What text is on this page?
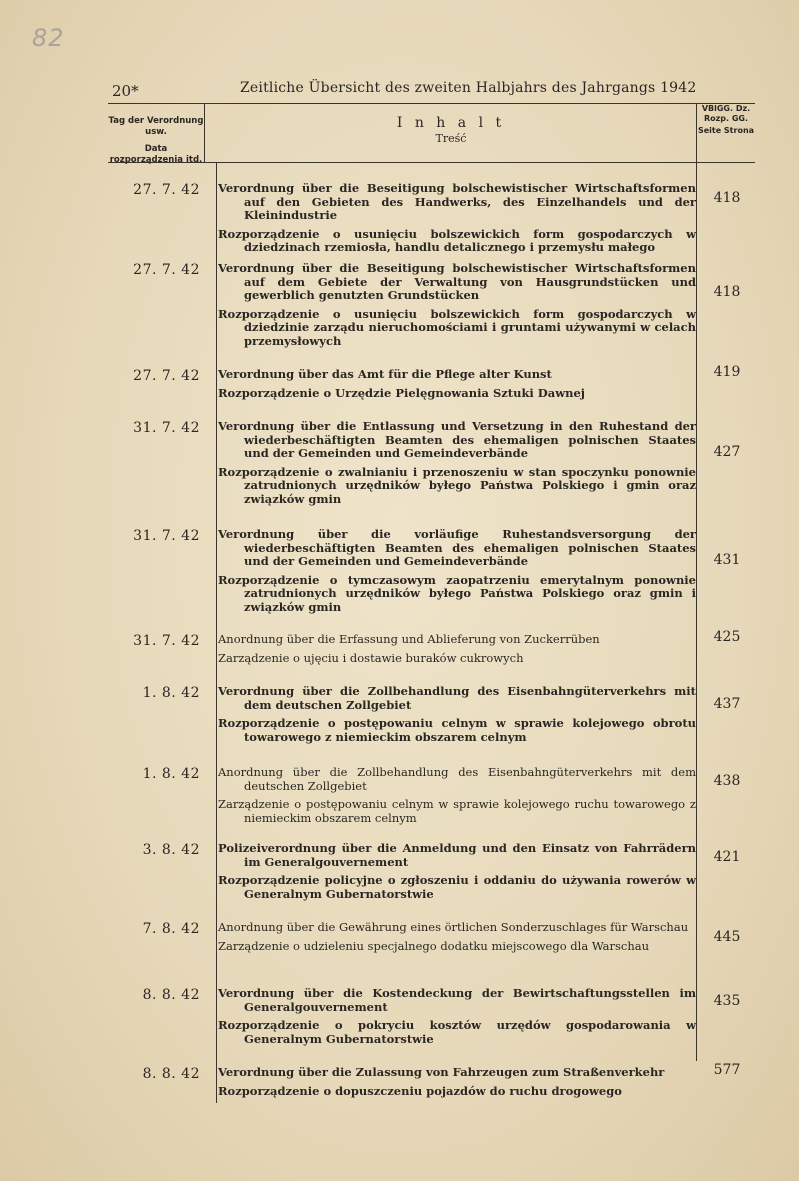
82
20*	Zeitliche Übersicht des zweiten Halbjahrs des Jahrgangs 1942
Tag der Verordnung usw.
Data rozporządzenia itd.
I n h a l t
Treść
VBlGG. Dz. Rozp. GG.
Seite Strona
27. 7. 42 Verordnung über die Beseitigung bolschewistischer Wirtschaftsformen auf den Gebieten des Handwerks, des Einzelhandels und der Kleinindustrie
Rozporządzenie o usunięciu bolszewickich form gospodarczych w dziedzinach rzemiosła, handlu detalicznego i przemysłu małego
418
27. 7. 42 Verordnung über die Beseitigung bolschewistischer Wirtschaftsformen auf dem Gebiete der Verwaltung von Hausgrundstücken und gewerblich genutzten Grundstücken
Rozporządzenie o usunięciu bolszewickich form gospodarczych w dziedzinie zarządu nieruchomościami i gruntami używanymi w celach przemysłowych
418
27. 7. 42 Verordnung über das Amt für die Pflege alter Kunst
Rozporządzenie o Urzędzie Pielęgnowania Sztuki Dawnej
419
31. 7. 42 Verordnung über die Entlassung und Versetzung in den Ruhestand der wiederbeschäftigten Beamten des ehemaligen polnischen Staates und der Gemeinden und Gemeindeverbände
Rozporządzenie o zwalnianiu i przenoszeniu w stan spoczynku ponownie zatrudnionych urzędników byłego Państwa Polskiego i gmin oraz związków gmin
427
31. 7. 42 Verordnung über die vorläufige Ruhestandsversorgung der wiederbeschäftigten Beamten des ehemaligen polnischen Staates und der Gemeinden und Gemeindeverbände
Rozporządzenie o tymczasowym zaopatrzeniu emerytalnym ponownie zatrudnionych urzędników byłego Państwa Polskiego oraz gmin i związków gmin
431
31. 7. 42 Anordnung über die Erfassung und Ablieferung von Zuckerrüben
Zarządzenie o ujęciu i dostawie buraków cukrowych
425
1. 8. 42 Verordnung über die Zollbehandlung des Eisenbahngüterverkehrs mit dem deutschen Zollgebiet
Rozporządzenie o postępowaniu celnym w sprawie kolejowego obrotu towarowego z niemieckim obszarem celnym
437
1. 8. 42 Anordnung über die Zollbehandlung des Eisenbahngüterverkehrs mit dem deutschen Zollgebiet
Zarządzenie o postępowaniu celnym w sprawie kolejowego ruchu towarowego z niemieckim obszarem celnym
438
3. 8. 42 Polizeiverordnung über die Anmeldung und den Einsatz von Fahrrädern im Generalgouvernement
Rozporządzenie policyjne o zgłoszeniu i oddaniu do używania rowerów w Generalnym Gubernatorstwie
421
7. 8. 42 Anordnung über die Gewährung eines örtlichen Sonderzuschlages für Warschau
Zarządzenie o udzieleniu specjalnego dodatku miejscowego dla Warschau
445
8. 8. 42 Verordnung über die Kostendeckung der Bewirtschaftungsstellen im Generalgouvernement
Rozporządzenie o pokryciu kosztów urzędów gospodarowania w Generalnym Gubernatorstwie
435
8. 8. 42 Verordnung über die Zulassung von Fahrzeugen zum Straßenverkehr
Rozporządzenie o dopuszczeniu pojazdów do ruchu drogowego
577
